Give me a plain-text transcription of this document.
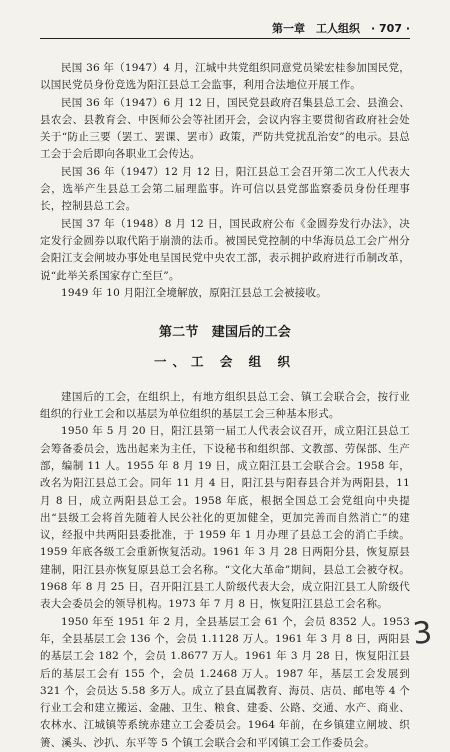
第一章　工人组织　· 707 ·

民国 36 年（1947）4 月，江城中共党组织同意党员梁宏桂参加国民党，以国民党员身份竞选为阳江县总工会监事，利用合法地位开展工作。

民国 36 年（1947）6 月 12 日，国民党县政府召集县总工会、县渔会、县农会、县教育会、中医师公会等社团开会，会议内容主要贯彻省政府社会处关于“防止三要（罢工、罢课、罢市）政策，严防共党扰乱治安”的电示。县总工会于会后即向各职业工会传达。

民国 36 年（1947）12 月 12 日，阳江县总工会召开第二次工人代表大会，选举产生县总工会第二届理监事。许可信以县党部监察委员身份任理事长，控制县总工会。

民国 37 年（1948）8 月 12 日，国民政府公布《金圆券发行办法》，决定发行金圆券以取代陷于崩溃的法币。被国民党控制的中华海员总工会广州分会阳江支会闸坡办事处电呈国民党中央农工部，表示拥护政府进行币制改革，说“此举关系国家存亡至巨”。

1949 年 10 月阳江全境解放，原阳江县总工会被接收。

第二节　建国后的工会
一、工 会 组 织

建国后的工会，在组织上，有地方组织县总工会、镇工会联合会，按行业组织的行业工会和以基层为单位组织的基层工会三种基本形式。

1950 年 5 月 20 日，阳江县第一届工人代表会议召开，成立阳江县总工会筹备委员会，选出起来为主任，下设秘书和组织部、文教部、劳保部、生产部，编制 11 人。1955 年 8 月 19 日，成立阳江县工会联合会。1958 年，改名为阳江县总工会。同年 11 月 4 日，阳江县与阳春县合并为两阳县，11 月 8 日，成立两阳县总工会。1958 年底，根据全国总工会党组向中央提出“县级工会将首先随着人民公社化的更加健全，更加完善而自然消亡”的建议，经报中共两阳县委批准，于 1959 年 1 月办理了县总工会的消亡手续。1959 年底各级工会重新恢复活动。1961 年 3 月 28 日两阳分县，恢复原县建制，阳江县亦恢复原县总工会名称。“文化大革命”期间，县总工会被夺权。1968 年 8 月 25 日，召开阳江县工人阶级代表大会，成立阳江县工人阶级代表大会委员会的领导机构。1973 年 7 月 8 日，恢复阳江县总工会名称。

1950 年至 1951 年 2 月，全县基层工会 61 个，会员 8352 人。1953 年，全县基层工会 136 个，会员 1.1128 万人。1961 年 3 月 8 日，两阳县的基层工会 182 个，会员 1.8677 万人。1961 年 3 月 28 日，恢复阳江县后的基层工会有 155 个，会员 1.2468 万人。1987 年，基层工会发展到 321 个，会员达 5.58 多万人。成立了县直属教育、海员、店员、邮电等 4 个行业工会和建立搬运、金融、卫生、粮食、建委、公路、交通、水产、商业、农林水、江城镇等系统赤建立工会委员会。1964 年前，在乡镇建立闸坡、织箦、溪头、沙扒、东平等 5 个镇工会联合会和平冈镇工会工作委员会。

3
